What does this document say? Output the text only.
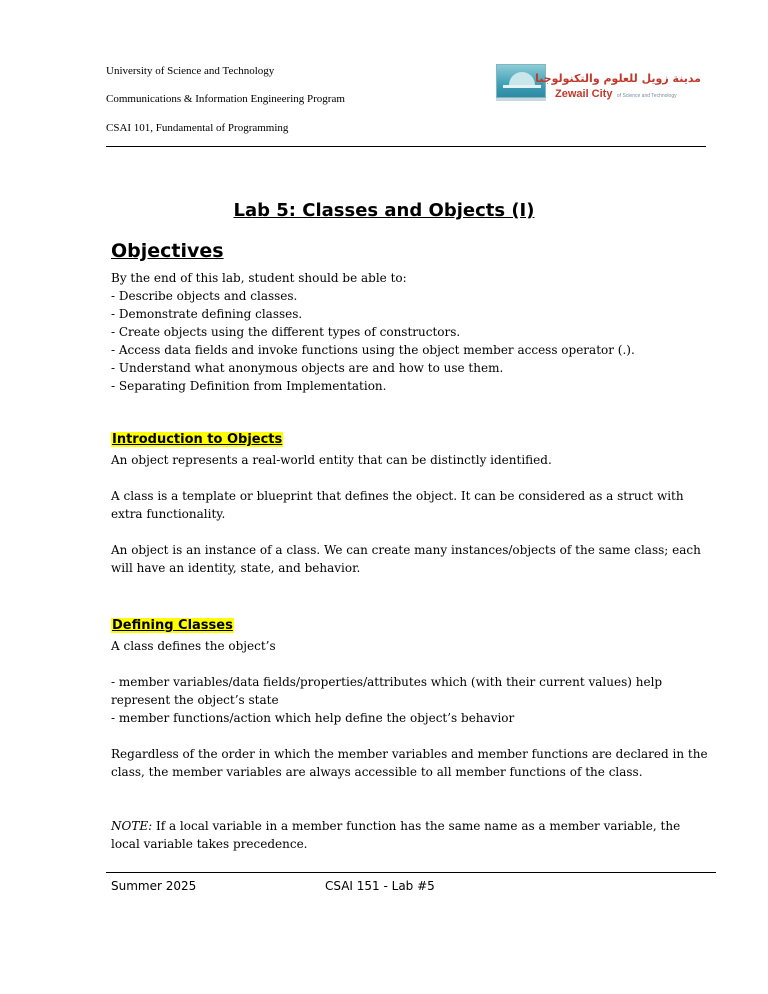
University of Science and Technology
Communications & Information Engineering Program
CSAI 101, Fundamental of Programming
مدينة زويل للعلوم والتكنولوجيا
Zewail City of Science and Technology
Lab 5: Classes and Objects (I)
Objectives
By the end of this lab, student should be able to:
- Describe objects and classes.
- Demonstrate defining classes.
- Create objects using the different types of constructors.
- Access data fields and invoke functions using the object member access operator (.).
- Understand what anonymous objects are and how to use them.
- Separating Definition from Implementation.
Introduction to Objects
An object represents a real-world entity that can be distinctly identified.
A class is a template or blueprint that defines the object. It can be considered as a struct with extra functionality.
An object is an instance of a class. We can create many instances/objects of the same class; each will have an identity, state, and behavior.
Defining Classes
A class defines the object’s
- member variables/data fields/properties/attributes which (with their current values) help represent the object’s state
- member functions/action which help define the object’s behavior
Regardless of the order in which the member variables and member functions are declared in the class, the member variables are always accessible to all member functions of the class.
NOTE: If a local variable in a member function has the same name as a member variable, the local variable takes precedence.
Summer 2025	CSAI 151 - Lab #5
